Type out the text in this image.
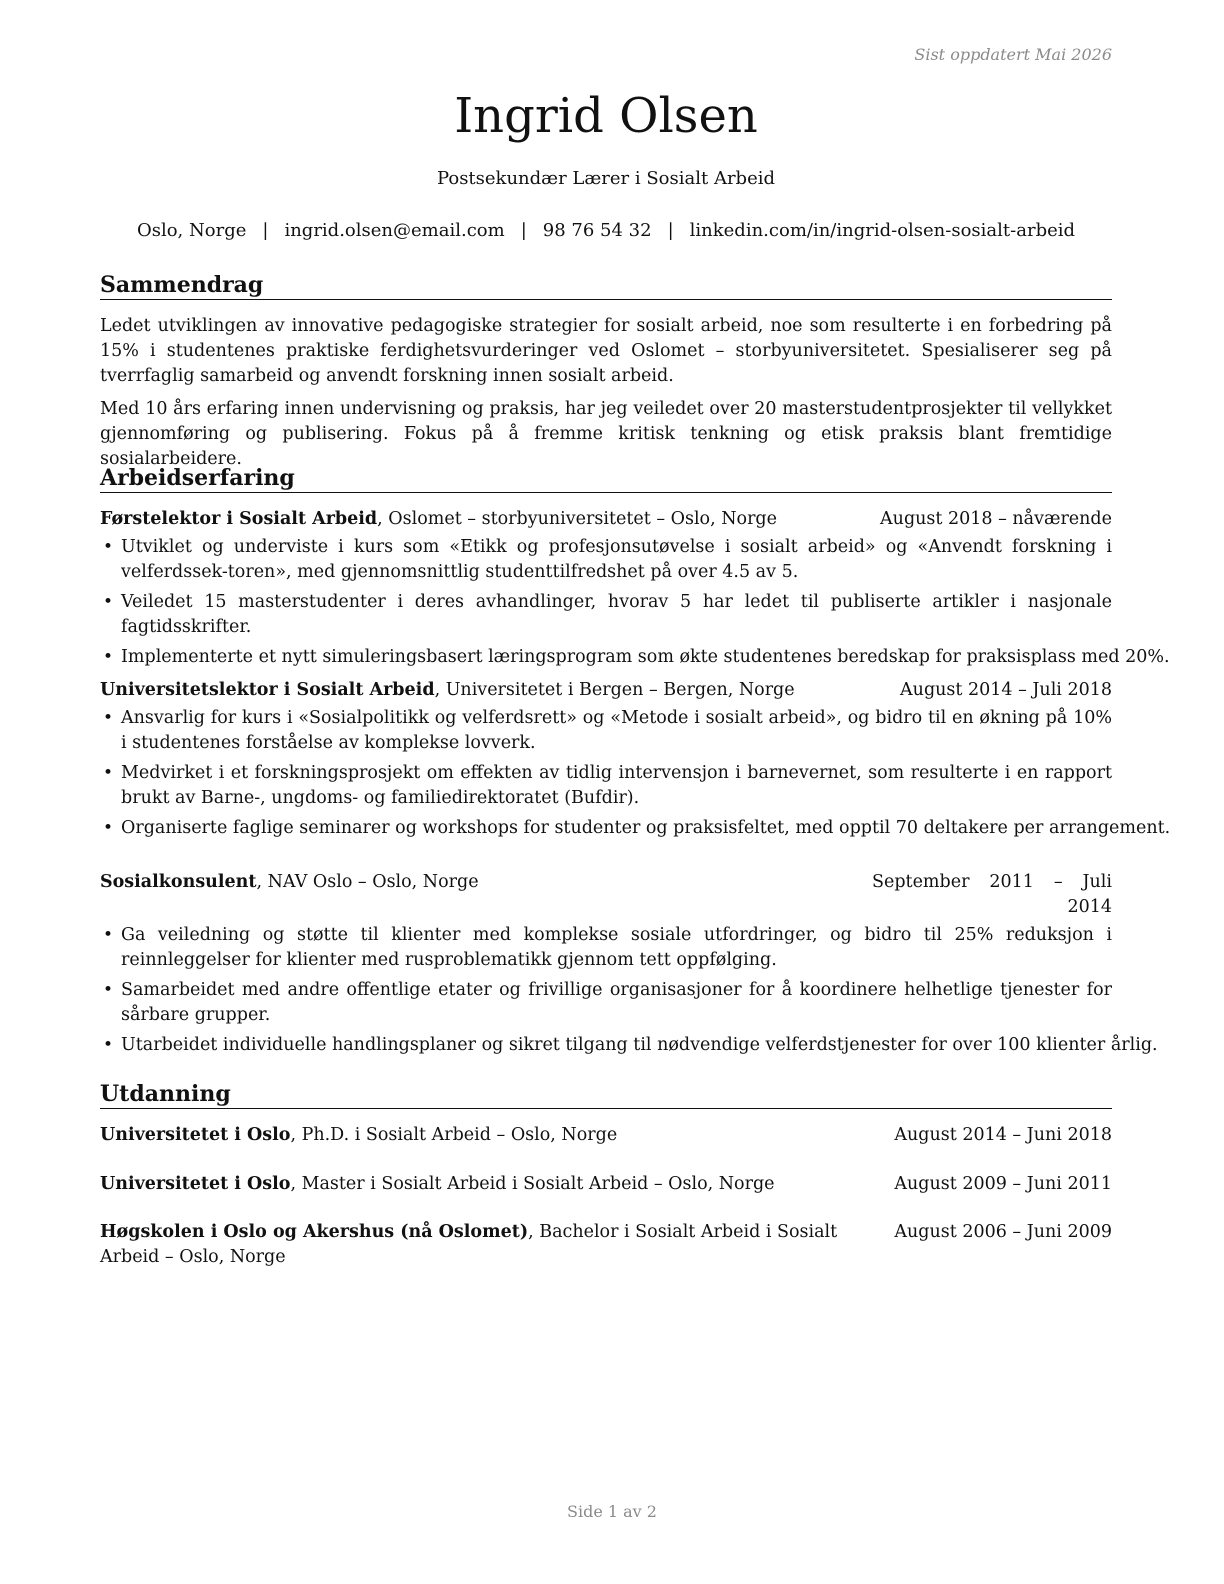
Sist oppdatert Mai 2026
Ingrid Olsen
Postsekundær Lærer i Sosialt Arbeid
Oslo, Norge | ingrid.olsen@email.com | 98 76 54 32 | linkedin.com/in/ingrid-olsen-sosialt-arbeid
Sammendrag

Ledet utviklingen av innovative pedagogiske strategier for sosialt arbeid, noe som resulterte i en forbedring på 15% i studentenes praktiske ferdighetsvurderinger ved Oslomet – storbyuniversitetet. Spesialiserer seg på tverrfaglig samarbeid og anvendt forskning innen sosialt arbeid.

Med 10 års erfaring innen undervisning og praksis, har jeg veiledet over 20 masterstudentprosjekter til vellykket gjennomføring og publisering. Fokus på å fremme kritisk tenkning og etisk praksis blant fremtidige sosialarbeidere.

Arbeidserfaring
Førstelektor i Sosialt Arbeid, Oslomet – storbyuniversitetet – Oslo, Norge	August 2018 – nåværende
• Utviklet og underviste i kurs som «Etikk og profesjonsutøvelse i sosialt arbeid» og «Anvendt forskning i velferdssek-toren», med gjennomsnittlig studenttilfredshet på over 4.5 av 5.
• Veiledet 15 masterstudenter i deres avhandlinger, hvorav 5 har ledet til publiserte artikler i nasjonale fagtidsskrifter.
• Implementerte et nytt simuleringsbasert læringsprogram som økte studentenes beredskap for praksisplass med 20%.
Universitetslektor i Sosialt Arbeid, Universitetet i Bergen – Bergen, Norge	August 2014 – Juli 2018
• Ansvarlig for kurs i «Sosialpolitikk og velferdsrett» og «Metode i sosialt arbeid», og bidro til en økning på 10% i studentenes forståelse av komplekse lovverk.
• Medvirket i et forskningsprosjekt om effekten av tidlig intervensjon i barnevernet, som resulterte i en rapport brukt av Barne-, ungdoms- og familiedirektoratet (Bufdir).
• Organiserte faglige seminarer og workshops for studenter og praksisfeltet, med opptil 70 deltakere per arrangement.
Sosialkonsulent, NAV Oslo – Oslo, Norge	September 2011 – Juli
2014
• Ga veiledning og støtte til klienter med komplekse sosiale utfordringer, og bidro til 25% reduksjon i reinnleggelser for klienter med rusproblematikk gjennom tett oppfølging.
• Samarbeidet med andre offentlige etater og frivillige organisasjoner for å koordinere helhetlige tjenester for sårbare grupper.
• Utarbeidet individuelle handlingsplaner og sikret tilgang til nødvendige velferdstjenester for over 100 klienter årlig.
Utdanning
Universitetet i Oslo, Ph.D. i Sosialt Arbeid – Oslo, Norge	August 2014 – Juni 2018
Universitetet i Oslo, Master i Sosialt Arbeid i Sosialt Arbeid – Oslo, Norge	August 2009 – Juni 2011
Høgskolen i Oslo og Akershus (nå Oslomet), Bachelor i Sosialt Arbeid i Sosialt Arbeid – Oslo, Norge
August 2006 – Juni 2009
Side 1 av 2
